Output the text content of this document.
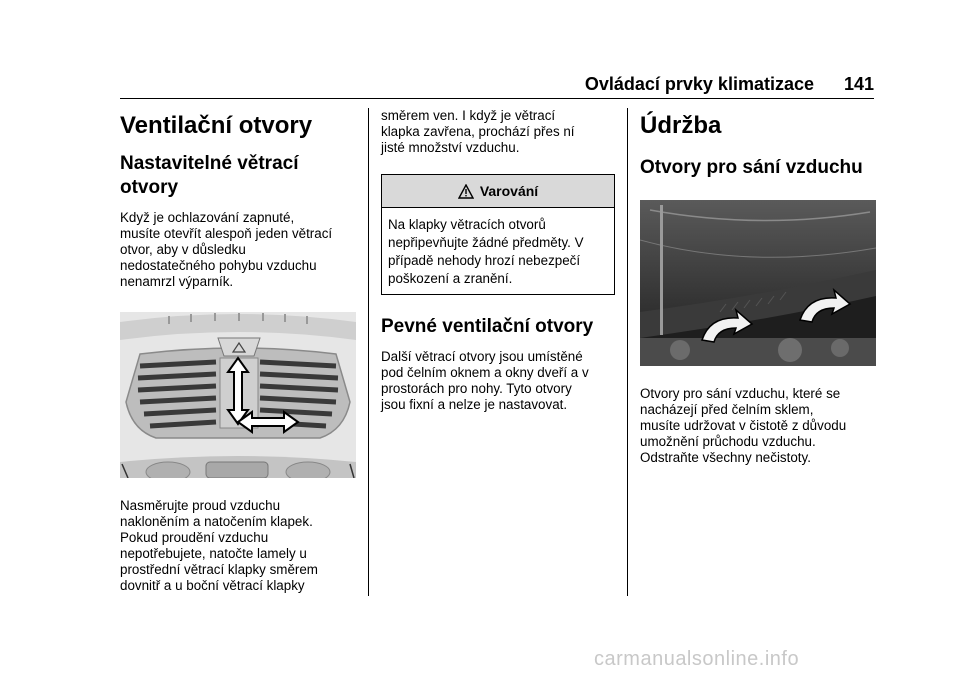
Ovládací prvky klimatizace 141
Ventilační otvory
Nastavitelné větrací
otvory

Když je ochlazování zapnuté,
musíte otevřít alespoň jeden větrací
otvor, aby v důsledku
nedostatečného pohybu vzduchu
nenamrzl výparník.

Nasměrujte proud vzduchu
nakloněním a natočením klapek.
Pokud proudění vzduchu
nepotřebujete, natočte lamely u
prostřední větrací klapky směrem
dovnitř a u boční větrací klapky

směrem ven. I když je větrací
klapka zavřena, prochází přes ní
jisté množství vzduchu.

Varování
Na klapky větracích otvorů
nepřipevňujte žádné předměty. V
případě nehody hrozí nebezpečí
poškození a zranění.
Pevné ventilační otvory

Další větrací otvory jsou umístěné
pod čelním oknem a okny dveří a v
prostorách pro nohy. Tyto otvory
jsou fixní a nelze je nastavovat.

Údržba
Otvory pro sání vzduchu

Otvory pro sání vzduchu, které se
nacházejí před čelním sklem,
musíte udržovat v čistotě z důvodu
umožnění průchodu vzduchu.
Odstraňte všechny nečistoty.

carmanualsonline.info
